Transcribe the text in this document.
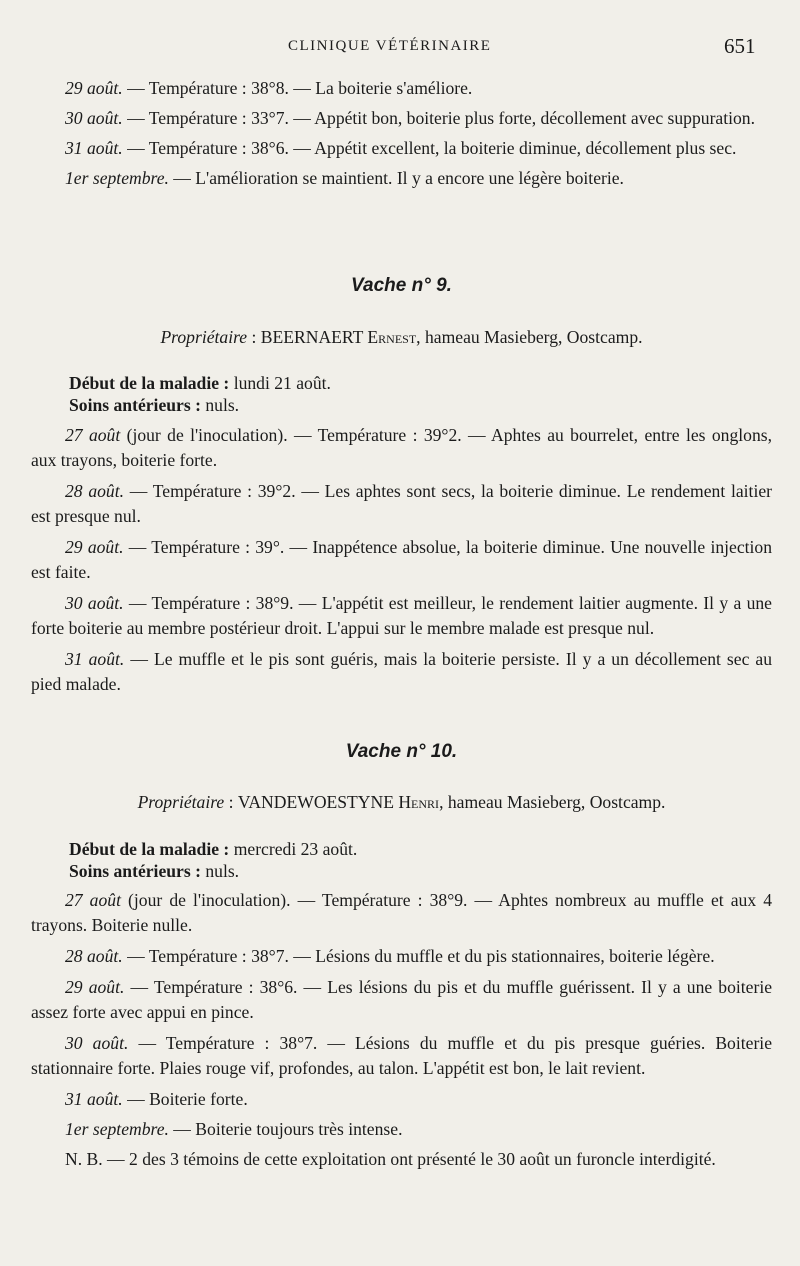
CLINIQUE VÉTÉRINAIRE	651

29 août. — Température : 38°8. — La boiterie s'améliore.

30 août. — Température : 33°7. — Appétit bon, boiterie plus forte, décollement avec suppuration.

31 août. — Température : 38°6. — Appétit excellent, la boiterie diminue, décollement plus sec.

1er septembre. — L'amélioration se maintient. Il y a encore une légère boiterie.

Vache n° 9.

Propriétaire : BEERNAERT Ernest, hameau Masieberg, Oostcamp.

Début de la maladie : lundi 21 août.

Soins antérieurs : nuls.

27 août (jour de l'inoculation). — Température : 39°2. — Aphtes au bourrelet, entre les onglons, aux trayons, boiterie forte.

28 août. — Température : 39°2. — Les aphtes sont secs, la boiterie diminue. Le rendement laitier est presque nul.

29 août. — Température : 39°. — Inappétence absolue, la boiterie diminue. Une nouvelle injection est faite.

30 août. — Température : 38°9. — L'appétit est meilleur, le rendement laitier augmente. Il y a une forte boiterie au membre postérieur droit. L'appui sur le membre malade est presque nul.

31 août. — Le muffle et le pis sont guéris, mais la boiterie persiste. Il y a un décollement sec au pied malade.

Vache n° 10.

Propriétaire : VANDEWOESTYNE Henri, hameau Masieberg, Oostcamp.

Début de la maladie : mercredi 23 août.

Soins antérieurs : nuls.

27 août (jour de l'inoculation). — Température : 38°9. — Aphtes nombreux au muffle et aux 4 trayons. Boiterie nulle.

28 août. — Température : 38°7. — Lésions du muffle et du pis stationnaires, boiterie légère.

29 août. — Température : 38°6. — Les lésions du pis et du muffle guérissent. Il y a une boiterie assez forte avec appui en pince.

30 août. — Température : 38°7. — Lésions du muffle et du pis presque guéries. Boiterie stationnaire forte. Plaies rouge vif, profondes, au talon. L'appétit est bon, le lait revient.

31 août. — Boiterie forte.

1er septembre. — Boiterie toujours très intense.

N. B. — 2 des 3 témoins de cette exploitation ont présenté le 30 août un furoncle interdigité.
